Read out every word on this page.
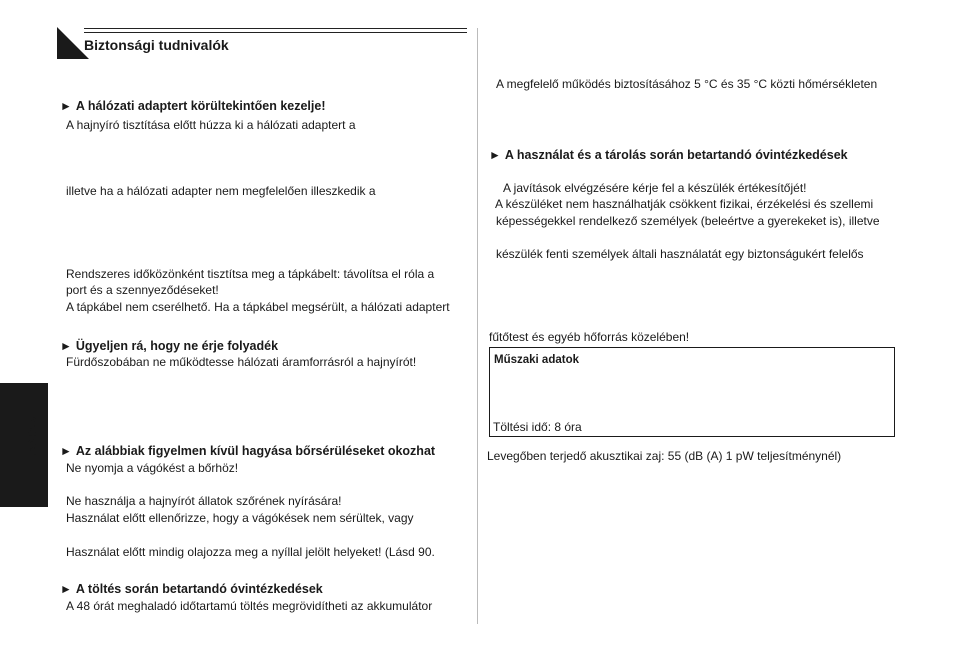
Biztonsági tudnivalók
Magyar
► A hálózati adaptert körültekintően kezelje!
A hajnyíró tisztítása előtt húzza ki a hálózati adaptert a
illetve ha a hálózati adapter nem megfelelően illeszkedik a
Rendszeres időközönként tisztítsa meg a tápkábelt: távolítsa el róla a
port és a szennyeződéseket!
A tápkábel nem cserélhető. Ha a tápkábel megsérült, a hálózati adaptert
► Ügyeljen rá, hogy ne érje folyadék
Fürdőszobában ne működtesse hálózati áramforrásról a hajnyírót!
► Az alábbiak figyelmen kívül hagyása bőrsérüléseket okozhat
Ne nyomja a vágókést a bőrhöz!
Ne használja a hajnyírót állatok szőrének nyírására!
Használat előtt ellenőrizze, hogy a vágókések nem sérültek, vagy
Használat előtt mindig olajozza meg a nyíllal jelölt helyeket! (Lásd 90.
► A töltés során betartandó óvintézkedések
A 48 órát meghaladó időtartamú töltés megrövidítheti az akkumulátor
A megfelelő működés biztosításához 5 °C és 35 °C közti hőmérsékleten
► A használat és a tárolás során betartandó óvintézkedések
A javítások elvégzésére kérje fel a készülék értékesítőjét!
A készüléket nem használhatják csökkent fizikai, érzékelési és szellemi
képességekkel rendelkező személyek (beleértve a gyerekeket is), illetve
készülék fenti személyek általi használatát egy biztonságukért felelős
fűtőtest és egyéb hőforrás közelében!
Műszaki adatok
Töltési idő: 8 óra
Levegőben terjedő akusztikai zaj: 55 (dB (A) 1 pW teljesítménynél)
